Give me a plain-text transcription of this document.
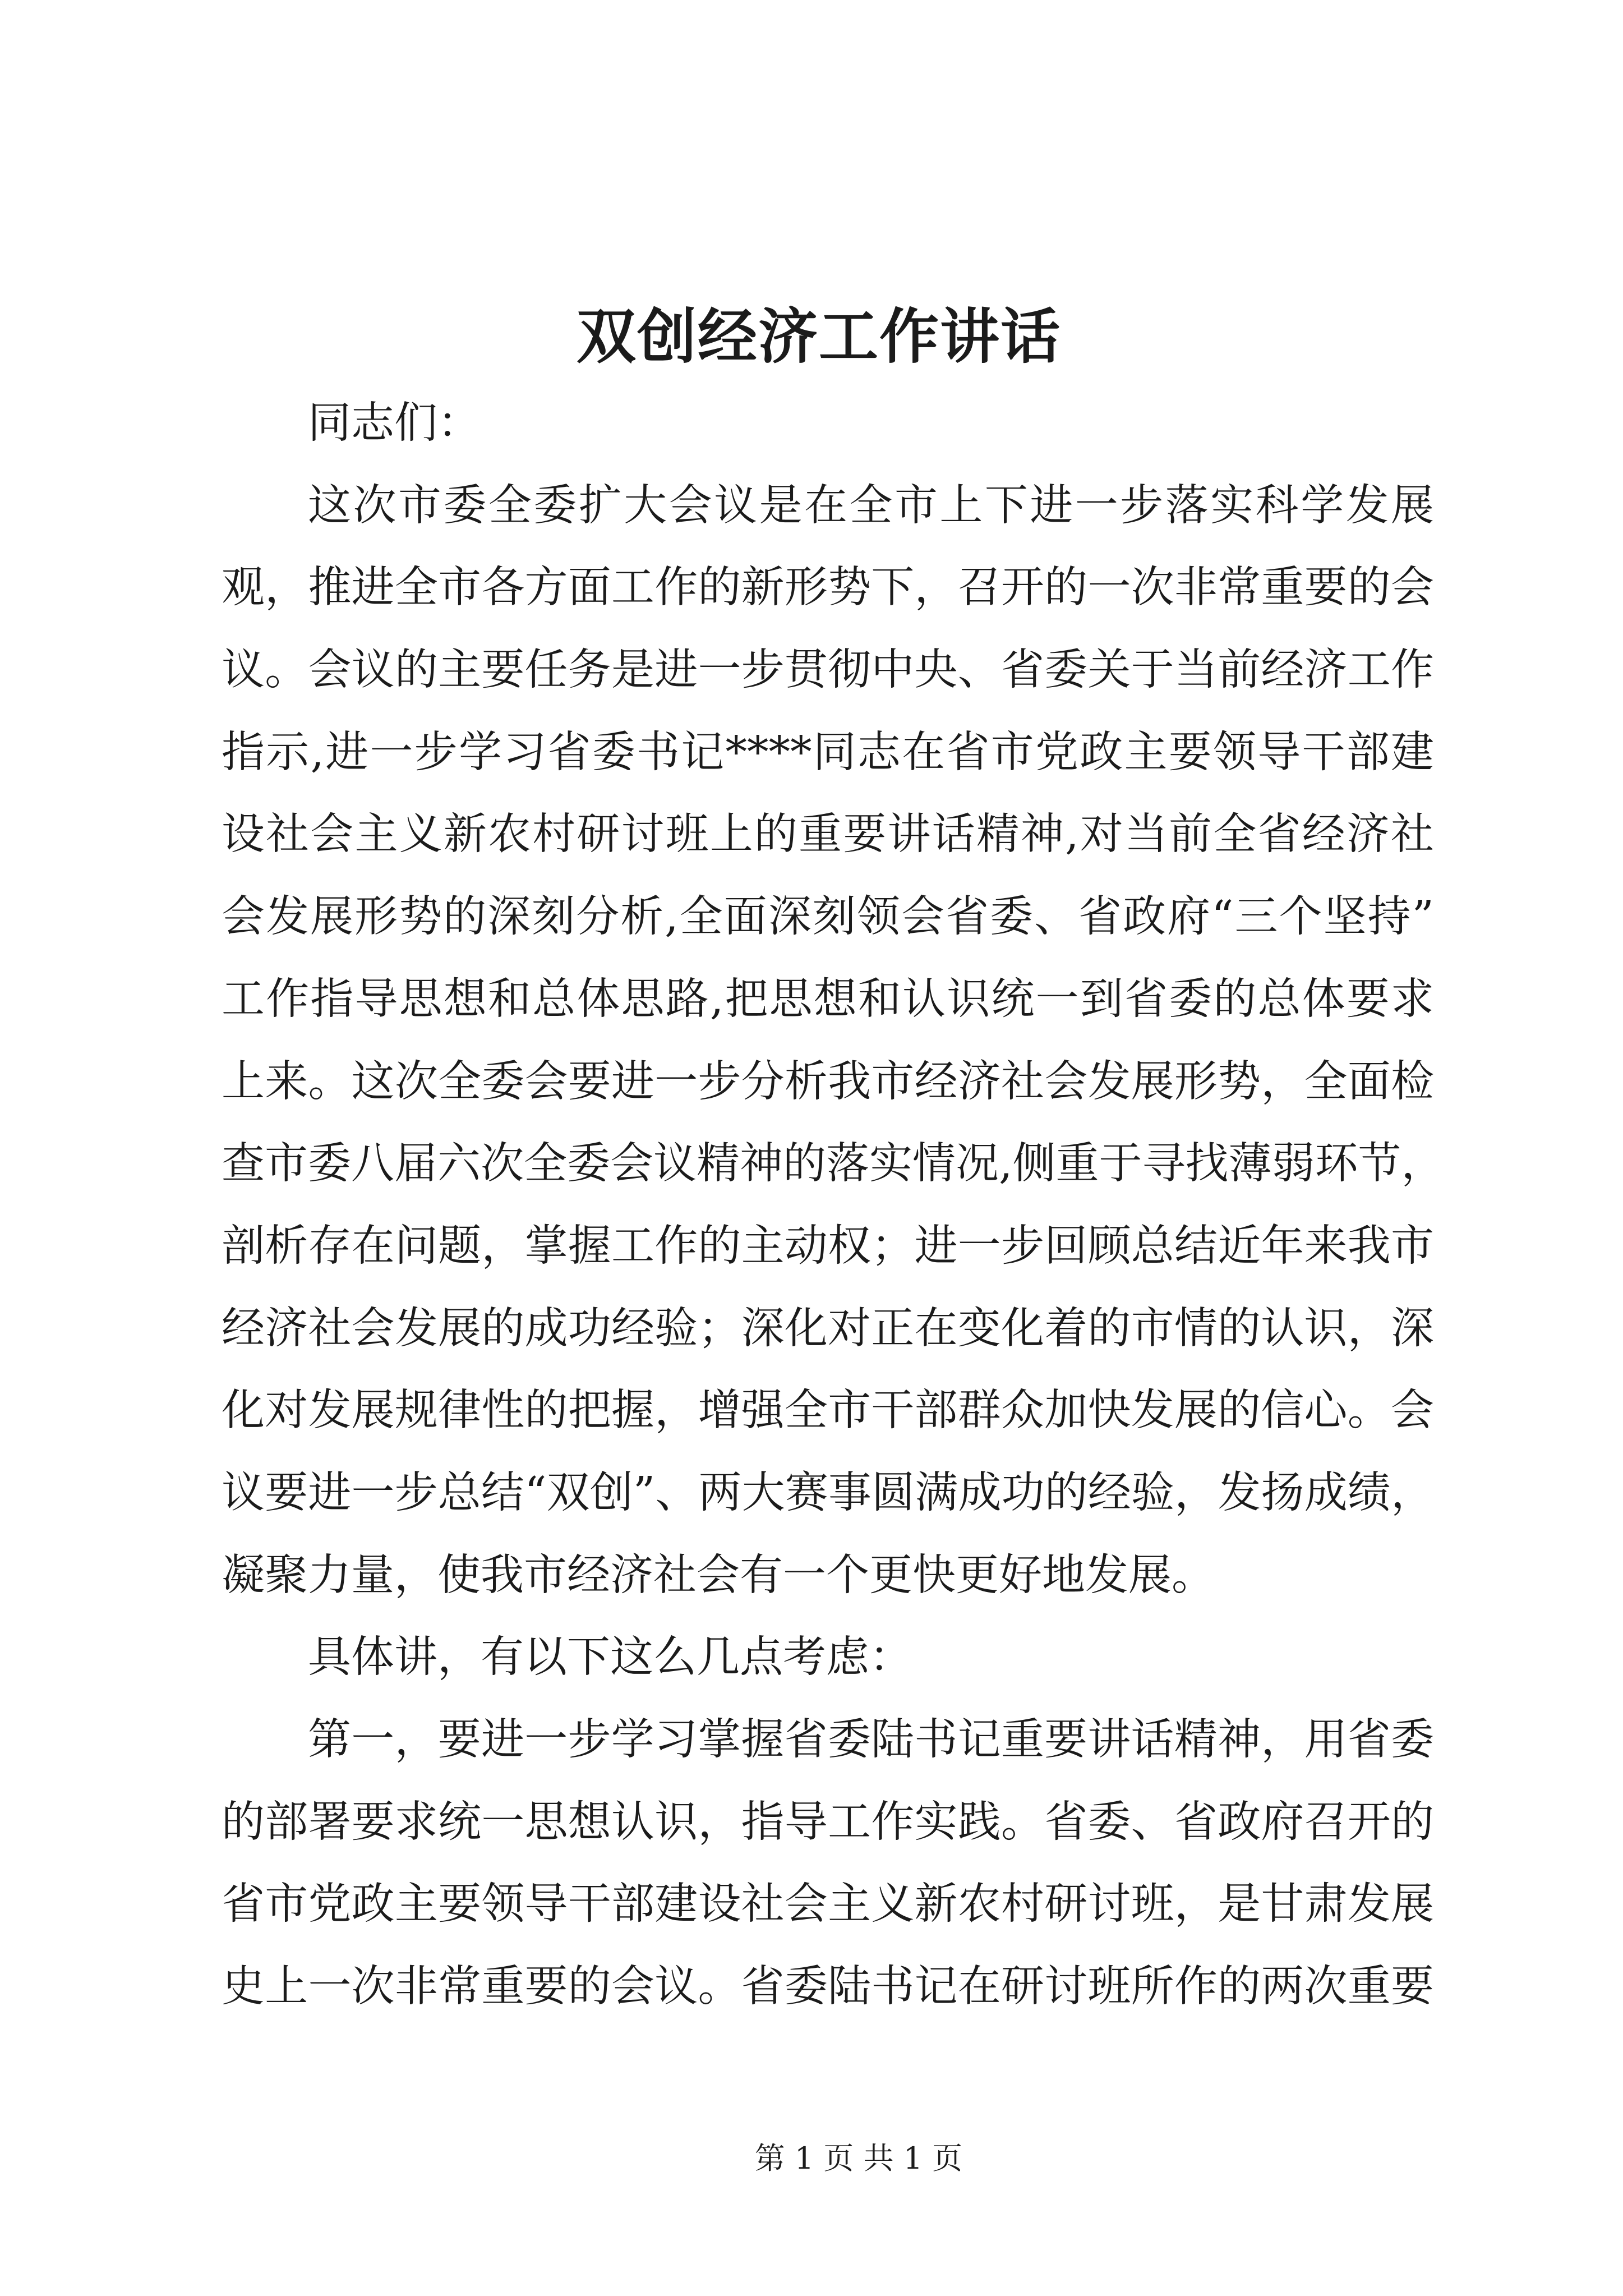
双创经济工作讲话
同志们：
这次市委全委扩大会议是在全市上下进一步落实科学发展
观，推进全市各方面工作的新形势下，召开的一次非常重要的会
议。会议的主要任务是进一步贯彻中央、省委关于当前经济工作
指示,进一步学习省委书记****同志在省市党政主要领导干部建
设社会主义新农村研讨班上的重要讲话精神,对当前全省经济社
会发展形势的深刻分析,全面深刻领会省委、省政府“三个坚持”
工作指导思想和总体思路,把思想和认识统一到省委的总体要求
上来。这次全委会要进一步分析我市经济社会发展形势，全面检
查市委八届六次全委会议精神的落实情况,侧重于寻找薄弱环节，
剖析存在问题，掌握工作的主动权；进一步回顾总结近年来我市
经济社会发展的成功经验；深化对正在变化着的市情的认识，深
化对发展规律性的把握，增强全市干部群众加快发展的信心。会
议要进一步总结“双创”、两大赛事圆满成功的经验，发扬成绩，
凝聚力量，使我市经济社会有一个更快更好地发展。
具体讲，有以下这么几点考虑：
第一，要进一步学习掌握省委陆书记重要讲话精神，用省委
的部署要求统一思想认识，指导工作实践。省委、省政府召开的
省市党政主要领导干部建设社会主义新农村研讨班，是甘肃发展
史上一次非常重要的会议。省委陆书记在研讨班所作的两次重要
第 1 页 共 1 页
